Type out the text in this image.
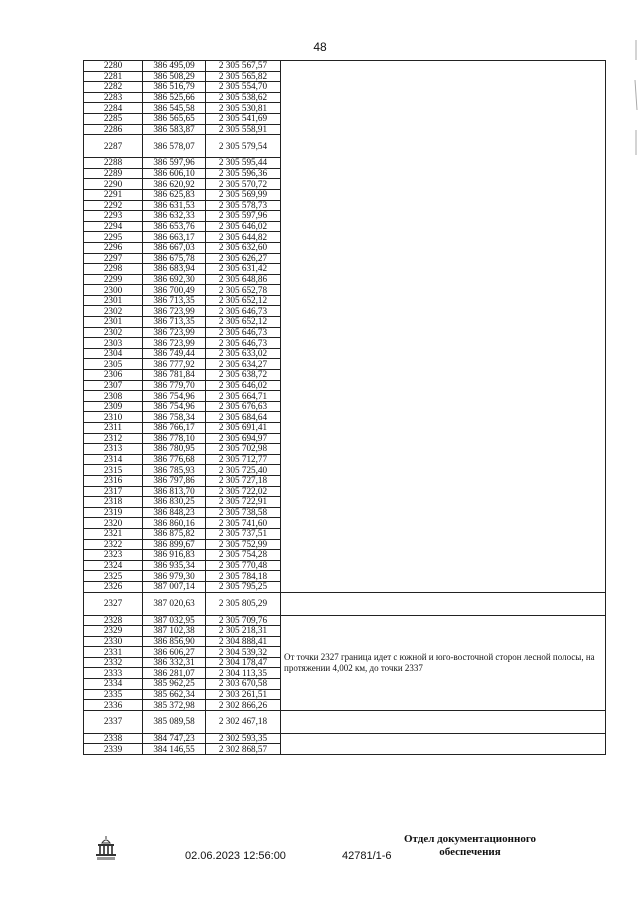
48
2280	386 495,09	2 305 567,57	
2281	386 508,29	2 305 565,82	
2282	386 516,79	2 305 554,70	
2283	386 525,66	2 305 538,62	
2284	386 545,58	2 305 530,81	
2285	386 565,65	2 305 541,69	
2286	386 583,87	2 305 558,91	
2287	386 578,07	2 305 579,54	
2288	386 597,96	2 305 595,44	
2289	386 606,10	2 305 596,36	
2290	386 620,92	2 305 570,72	
2291	386 625,83	2 305 569,99	
2292	386 631,53	2 305 578,73	
2293	386 632,33	2 305 597,96	
2294	386 653,76	2 305 646,02	
2295	386 663,17	2 305 644,82	
2296	386 667,03	2 305 632,60	
2297	386 675,78	2 305 626,27	
2298	386 683,94	2 305 631,42	
2299	386 692,30	2 305 648,86	
2300	386 700,49	2 305 652,78	
2301	386 713,35	2 305 652,12	
2302	386 723,99	2 305 646,73	
2301	386 713,35	2 305 652,12	
2302	386 723,99	2 305 646,73	
2303	386 723,99	2 305 646,73	
2304	386 749,44	2 305 633,02	
2305	386 777,92	2 305 634,27	
2306	386 781,84	2 305 638,72	
2307	386 779,70	2 305 646,02	
2308	386 754,96	2 305 664,71	
2309	386 754,96	2 305 676,63	
2310	386 758,34	2 305 684,64	
2311	386 766,17	2 305 691,41	
2312	386 778,10	2 305 694,97	
2313	386 780,95	2 305 702,98	
2314	386 776,68	2 305 712,77	
2315	386 785,93	2 305 725,40	
2316	386 797,86	2 305 727,18	
2317	386 813,70	2 305 722,02	
2318	386 830,25	2 305 722,91	
2319	386 848,23	2 305 738,58	
2320	386 860,16	2 305 741,60	
2321	386 875,82	2 305 737,51	
2322	386 899,67	2 305 752,99	
2323	386 916,83	2 305 754,28	
2324	386 935,34	2 305 770,48	
2325	386 979,30	2 305 784,18	
2326	387 007,14	2 305 795,25	
2327	387 020,63	2 305 805,29	
2328	387 032,95	2 305 709,76	От точки 2327 граница идет с южной и юго-восточной сторон лесной полосы, на протяжении 4,002 км, до точки 2337
2329	387 102,38	2 305 218,31	
2330	386 856,90	2 304 888,41	
2331	386 606,27	2 304 539,32	
2332	386 332,31	2 304 178,47	
2333	386 281,07	2 304 113,35	
2334	385 962,25	2 303 670,58	
2335	385 662,34	2 303 261,51	
2336	385 372,98	2 302 866,26	
2337	385 089,58	2 302 467,18	
2338	384 747,23	2 302 593,35	
2339	384 146,55	2 302 868,57	
Отдел документационного
обеспечения
02.06.2023 12:56:00	42781/1-6
